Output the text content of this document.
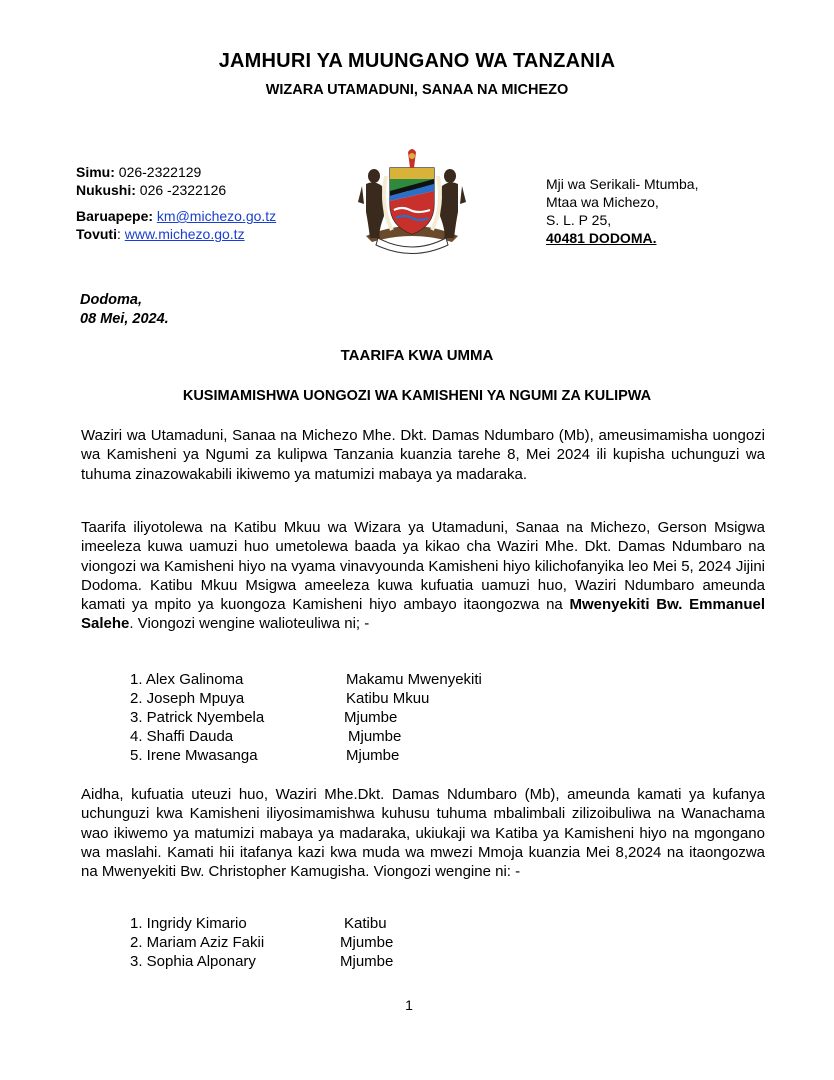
JAMHURI YA MUUNGANO WA TANZANIA
WIZARA UTAMADUNI, SANAA NA MICHEZO
Simu: 026-2322129
Nukushi: 026 -2322126
Baruapepe: km@michezo.go.tz
Tovuti: www.michezo.go.tz
Mji wa Serikali- Mtumba,
Mtaa wa Michezo,
S. L. P 25,
40481 DODOMA.
Dodoma,
08 Mei, 2024.
TAARIFA KWA UMMA
KUSIMAMISHWA UONGOZI WA KAMISHENI YA NGUMI ZA KULIPWA
Waziri wa Utamaduni, Sanaa na Michezo Mhe. Dkt. Damas Ndumbaro (Mb), ameusimamisha uongozi wa Kamisheni ya Ngumi za kulipwa Tanzania kuanzia tarehe 8, Mei 2024 ili kupisha uchunguzi wa tuhuma zinazowakabili ikiwemo ya matumizi mabaya ya madaraka.
Taarifa iliyotolewa na Katibu Mkuu wa Wizara ya Utamaduni, Sanaa na Michezo, Gerson Msigwa imeeleza kuwa uamuzi huo umetolewa baada ya kikao cha Waziri Mhe. Dkt. Damas Ndumbaro na viongozi wa Kamisheni hiyo na vyama vinavyounda Kamisheni hiyo kilichofanyika leo Mei 5, 2024 Jijini Dodoma. Katibu Mkuu Msigwa ameeleza kuwa kufuatia uamuzi huo, Waziri Ndumbaro ameunda kamati ya mpito ya kuongoza Kamisheni hiyo ambayo itaongozwa na Mwenyekiti Bw. Emmanuel Salehe. Viongozi wengine walioteuliwa ni; -
1. Alex Galinoma	Makamu Mwenyekiti
2. Joseph Mpuya	Katibu Mkuu
3. Patrick Nyembela	Mjumbe
4. Shaffi Dauda	Mjumbe
5. Irene Mwasanga	Mjumbe
Aidha, kufuatia uteuzi huo, Waziri Mhe.Dkt. Damas Ndumbaro (Mb), ameunda kamati ya kufanya uchunguzi kwa Kamisheni iliyosimamishwa kuhusu tuhuma mbalimbali zilizoibuliwa na Wanachama wao ikiwemo ya matumizi mabaya ya madaraka, ukiukaji wa Katiba ya Kamisheni hiyo na mgongano wa maslahi. Kamati hii itafanya kazi kwa muda wa mwezi Mmoja kuanzia Mei 8,2024 na itaongozwa na Mwenyekiti Bw. Christopher Kamugisha. Viongozi wengine ni: -
1. Ingridy Kimario	Katibu
2. Mariam Aziz Fakii	Mjumbe
3. Sophia Alponary	Mjumbe
1
